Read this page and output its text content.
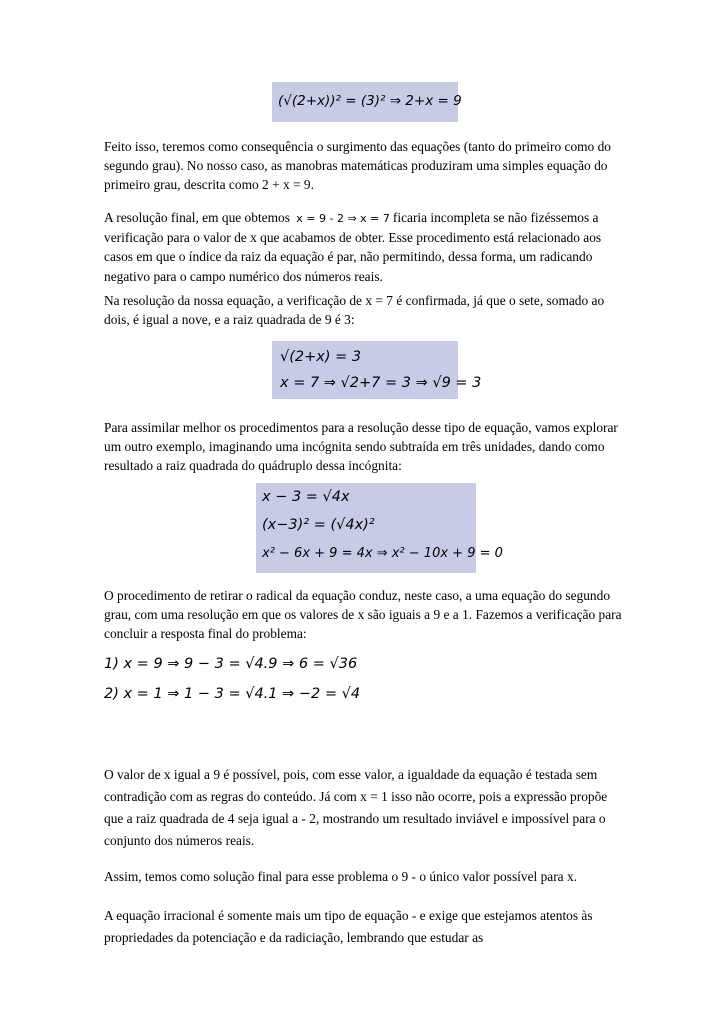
(√(2+x))² = (3)² ⇒ 2+x = 9

Feito isso, teremos como consequência o surgimento das equações (tanto do primeiro como do segundo grau). No nosso caso, as manobras matemáticas produziram uma simples equação do primeiro grau, descrita como 2 + x = 9.

A resolução final, em que obtemos x = 9 - 2 ⇒ x = 7 ficaria incompleta se não fizéssemos a verificação para o valor de x que acabamos de obter. Esse procedimento está relacionado aos casos em que o índice da raiz da equação é par, não permitindo, dessa forma, um radicando negativo para o campo numérico dos números reais.

Na resolução da nossa equação, a verificação de x = 7 é confirmada, já que o sete, somado ao dois, é igual a nove, e a raiz quadrada de 9 é 3:

√(2+x) = 3
x = 7 ⇒ √2+7 = 3 ⇒ √9 = 3

Para assimilar melhor os procedimentos para a resolução desse tipo de equação, vamos explorar um outro exemplo, imaginando uma incógnita sendo subtraída em três unidades, dando como resultado a raiz quadrada do quádruplo dessa incógnita:

x − 3 = √4x
(x−3)² = (√4x)²
x² − 6x + 9 = 4x ⇒ x² − 10x + 9 = 0

O procedimento de retirar o radical da equação conduz, neste caso, a uma equação do segundo grau, com uma resolução em que os valores de x são iguais a 9 e a 1. Fazemos a verificação para concluir a resposta final do problema:

1) x = 9 ⇒ 9 − 3 = √4.9 ⇒ 6 = √36
2) x = 1 ⇒ 1 − 3 = √4.1 ⇒ −2 = √4

O valor de x igual a 9 é possível, pois, com esse valor, a igualdade da equação é testada sem contradição com as regras do conteúdo. Já com x = 1 isso não ocorre, pois a expressão propõe que a raiz quadrada de 4 seja igual a - 2, mostrando um resultado inviável e impossível para o conjunto dos números reais.

Assim, temos como solução final para esse problema o 9 - o único valor possível para x.

A equação irracional é somente mais um tipo de equação - e exige que estejamos atentos às propriedades da potenciação e da radiciação, lembrando que estudar as
